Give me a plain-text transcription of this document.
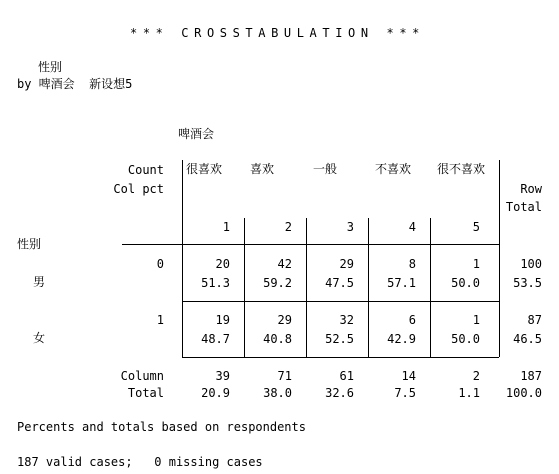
*** CROSSTABULATION ***
性别
by 啤酒会  新设想5
啤酒会
Count
Col pct
很喜欢 喜欢	一般	不喜欢 很不喜欢
Row
Total
1	2	3	4	5
性别
0
男
20	42	29	8	1	100
51.3	59.2	47.5	57.1	50.0	53.5
1
女
19	29	32	6	1	87
48.7	40.8	52.5	42.9	50.0	46.5
Column
Total
39	71	61	14	2	187
20.9	38.0	32.6	7.5	1.1	100.0
Percents and totals based on respondents
187 valid cases;   0 missing cases
